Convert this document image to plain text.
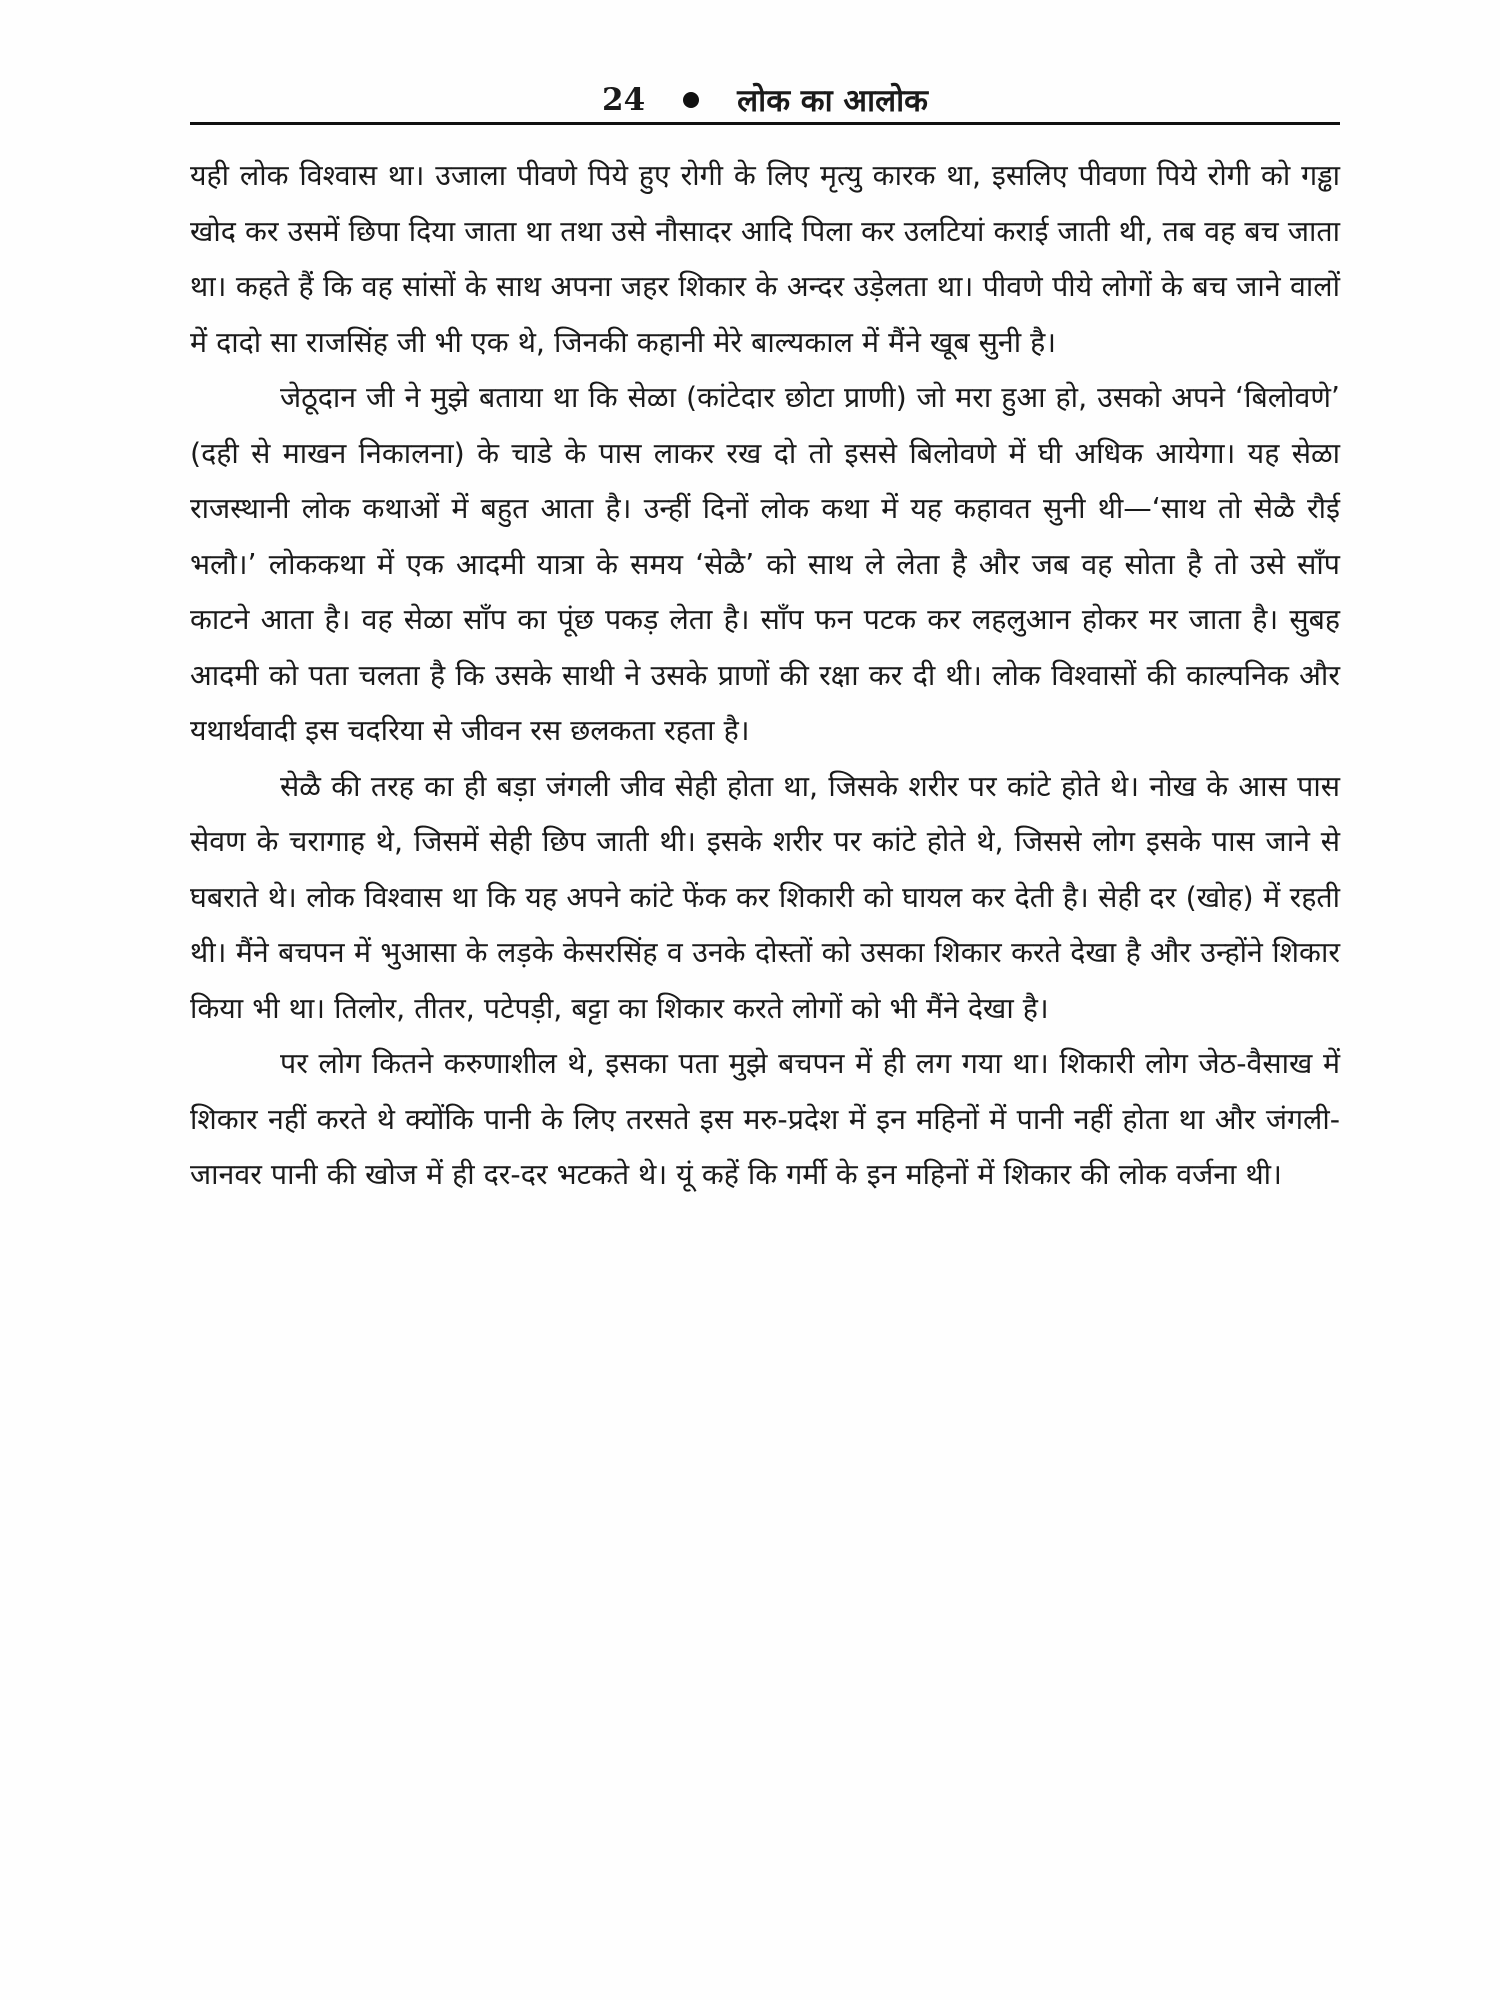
24	लोक का आलोक

यही लोक विश्वास था। उजाला पीवणे पिये हुए रोगी के लिए मृत्यु कारक था, इसलिए पीवणा पिये रोगी को गड्ढा खोद कर उसमें छिपा दिया जाता था तथा उसे नौसादर आदि पिला कर उलटियां कराई जाती थी, तब वह बच जाता था। कहते हैं कि वह सांसों के साथ अपना जहर शिकार के अन्दर उड़ेलता था। पीवणे पीये लोगों के बच जाने वालों में दादो सा राजसिंह जी भी एक थे, जिनकी कहानी मेरे बाल्यकाल में मैंने खूब सुनी है।

जेठूदान जी ने मुझे बताया था कि सेळा (कांटेदार छोटा प्राणी) जो मरा हुआ हो, उसको अपने ‘बिलोवणे’ (दही से माखन निकालना) के चाडे के पास लाकर रख दो तो इससे बिलोवणे में घी अधिक आयेगा। यह सेळा राजस्थानी लोक कथाओं में बहुत आता है। उन्हीं दिनों लोक कथा में यह कहावत सुनी थी—‘साथ तो सेळै रौई भलौ।’ लोककथा में एक आदमी यात्रा के समय ‘सेळै’ को साथ ले लेता है और जब वह सोता है तो उसे साँप काटने आता है। वह सेळा साँप का पूंछ पकड़ लेता है। साँप फन पटक कर लहलुआन होकर मर जाता है। सुबह आदमी को पता चलता है कि उसके साथी ने उसके प्राणों की रक्षा कर दी थी। लोक विश्वासों की काल्पनिक और यथार्थवादी इस चदरिया से जीवन रस छलकता रहता है।

सेळै की तरह का ही बड़ा जंगली जीव सेही होता था, जिसके शरीर पर कांटे होते थे। नोख के आस पास सेवण के चरागाह थे, जिसमें सेही छिप जाती थी। इसके शरीर पर कांटे होते थे, जिससे लोग इसके पास जाने से घबराते थे। लोक विश्वास था कि यह अपने कांटे फेंक कर शिकारी को घायल कर देती है। सेही दर (खोह) में रहती थी। मैंने बचपन में भुआसा के लड़के केसरसिंह व उनके दोस्तों को उसका शिकार करते देखा है और उन्होंने शिकार किया भी था। तिलोर, तीतर, पटेपड़ी, बट्टा का शिकार करते लोगों को भी मैंने देखा है।

पर लोग कितने करुणाशील थे, इसका पता मुझे बचपन में ही लग गया था। शिकारी लोग जेठ-वैसाख में शिकार नहीं करते थे क्योंकि पानी के लिए तरसते इस मरु-प्रदेश में इन महिनों में पानी नहीं होता था और जंगली-जानवर पानी की खोज में ही दर-दर भटकते थे। यूं कहें कि गर्मी के इन महिनों में शिकार की लोक वर्जना थी।
